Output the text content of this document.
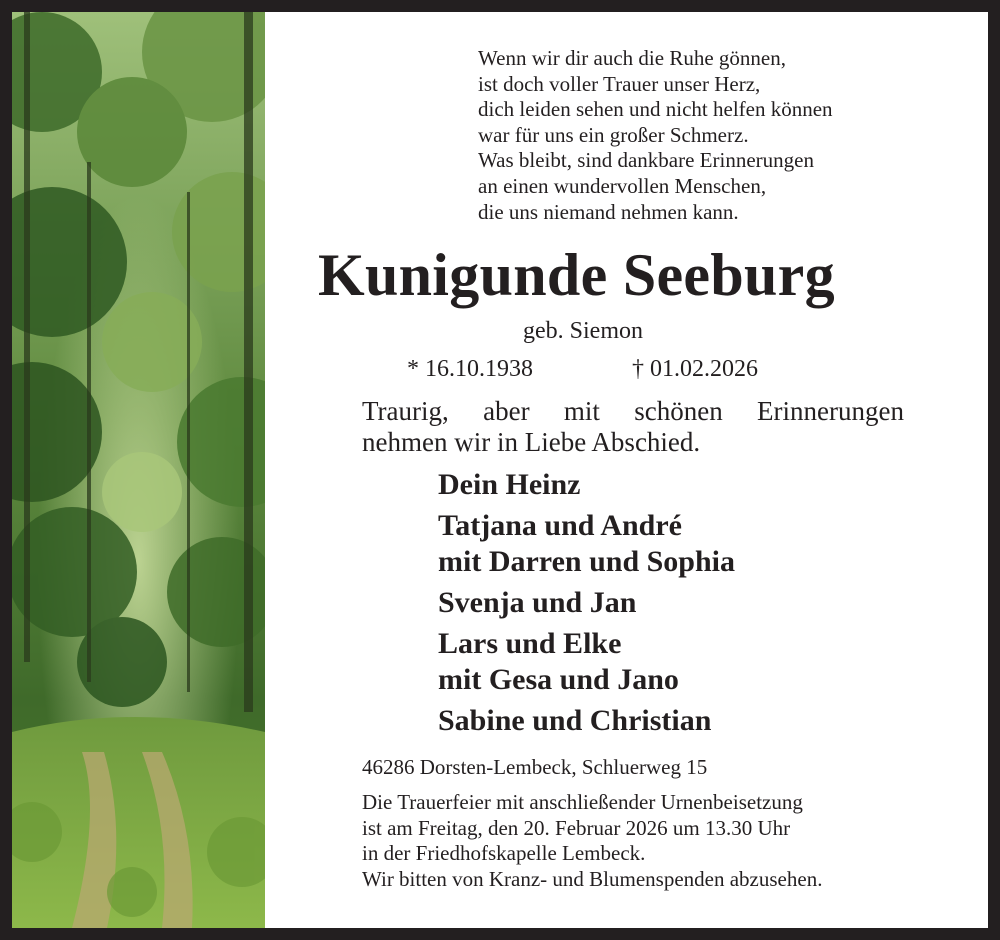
Wenn wir dir auch die Ruhe gönnen,
ist doch voller Trauer unser Herz,
dich leiden sehen und nicht helfen können
war für uns ein großer Schmerz.
Was bleibt, sind dankbare Erinnerungen
an einen wundervollen Menschen,
die uns niemand nehmen kann.
Kunigunde Seeburg
geb. Siemon
* 16.10.1938	† 01.02.2026
Traurig, aber mit schönen Erinnerungen
nehmen wir in Liebe Abschied.
Dein Heinz
Tatjana und André
mit Darren und Sophia
Svenja und Jan
Lars und Elke
mit Gesa und Jano
Sabine und Christian
46286 Dorsten-Lembeck, Schluerweg 15
Die Trauerfeier mit anschließender Urnenbeisetzung
ist am Freitag, den 20. Februar 2026 um 13.30 Uhr
in der Friedhofskapelle Lembeck.
Wir bitten von Kranz- und Blumenspenden abzusehen.
